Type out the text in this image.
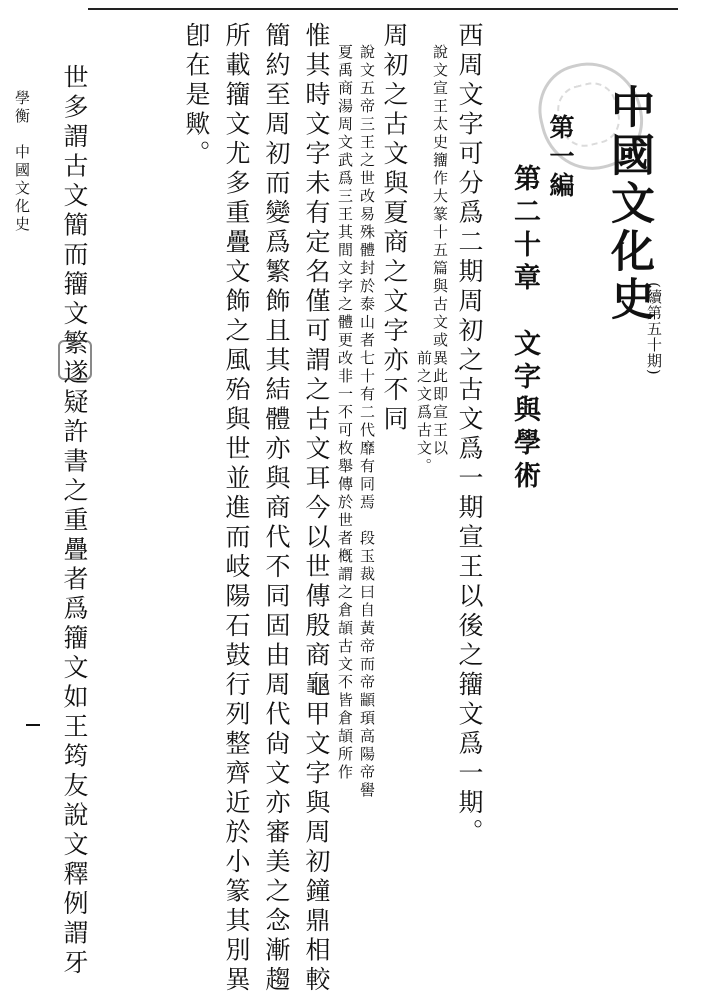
中國文化史
(續第五十期)
第一編
第二十章　文字與學術
西周文字可分爲二期周初之古文爲一期宣王以後之籒文爲一期。
說文宣王太史籒作大篆十五篇與古文或異此即宣王以
前之文爲古文。
周初之古文與夏商之文字亦不同
說文五帝三王之世改易殊體封於泰山者七十有二代靡有同焉　段玉裁曰自黃帝而帝顓頊高陽帝嚳
夏禹商湯周文武爲三王其間文字之體更改非一不可枚舉傳於世者槪謂之倉頡古文不皆倉頡所作
惟其時文字未有定名僅可謂之古文耳今以世傳殷商龜甲文字與周初鐘鼎相較
簡約至周初而變爲繁飾且其結體亦與商代不同固由周代尙文亦審美之念漸趨
所載籒文尤多重疊文飾之風殆與世並進而岐陽石鼓行列整齊近於小篆其別異
卽在是歟。
世多謂古文簡而籒文繁遂疑許書之重疊者爲籒文如王筠友說文釋例謂牙
學衡　中國文化史
